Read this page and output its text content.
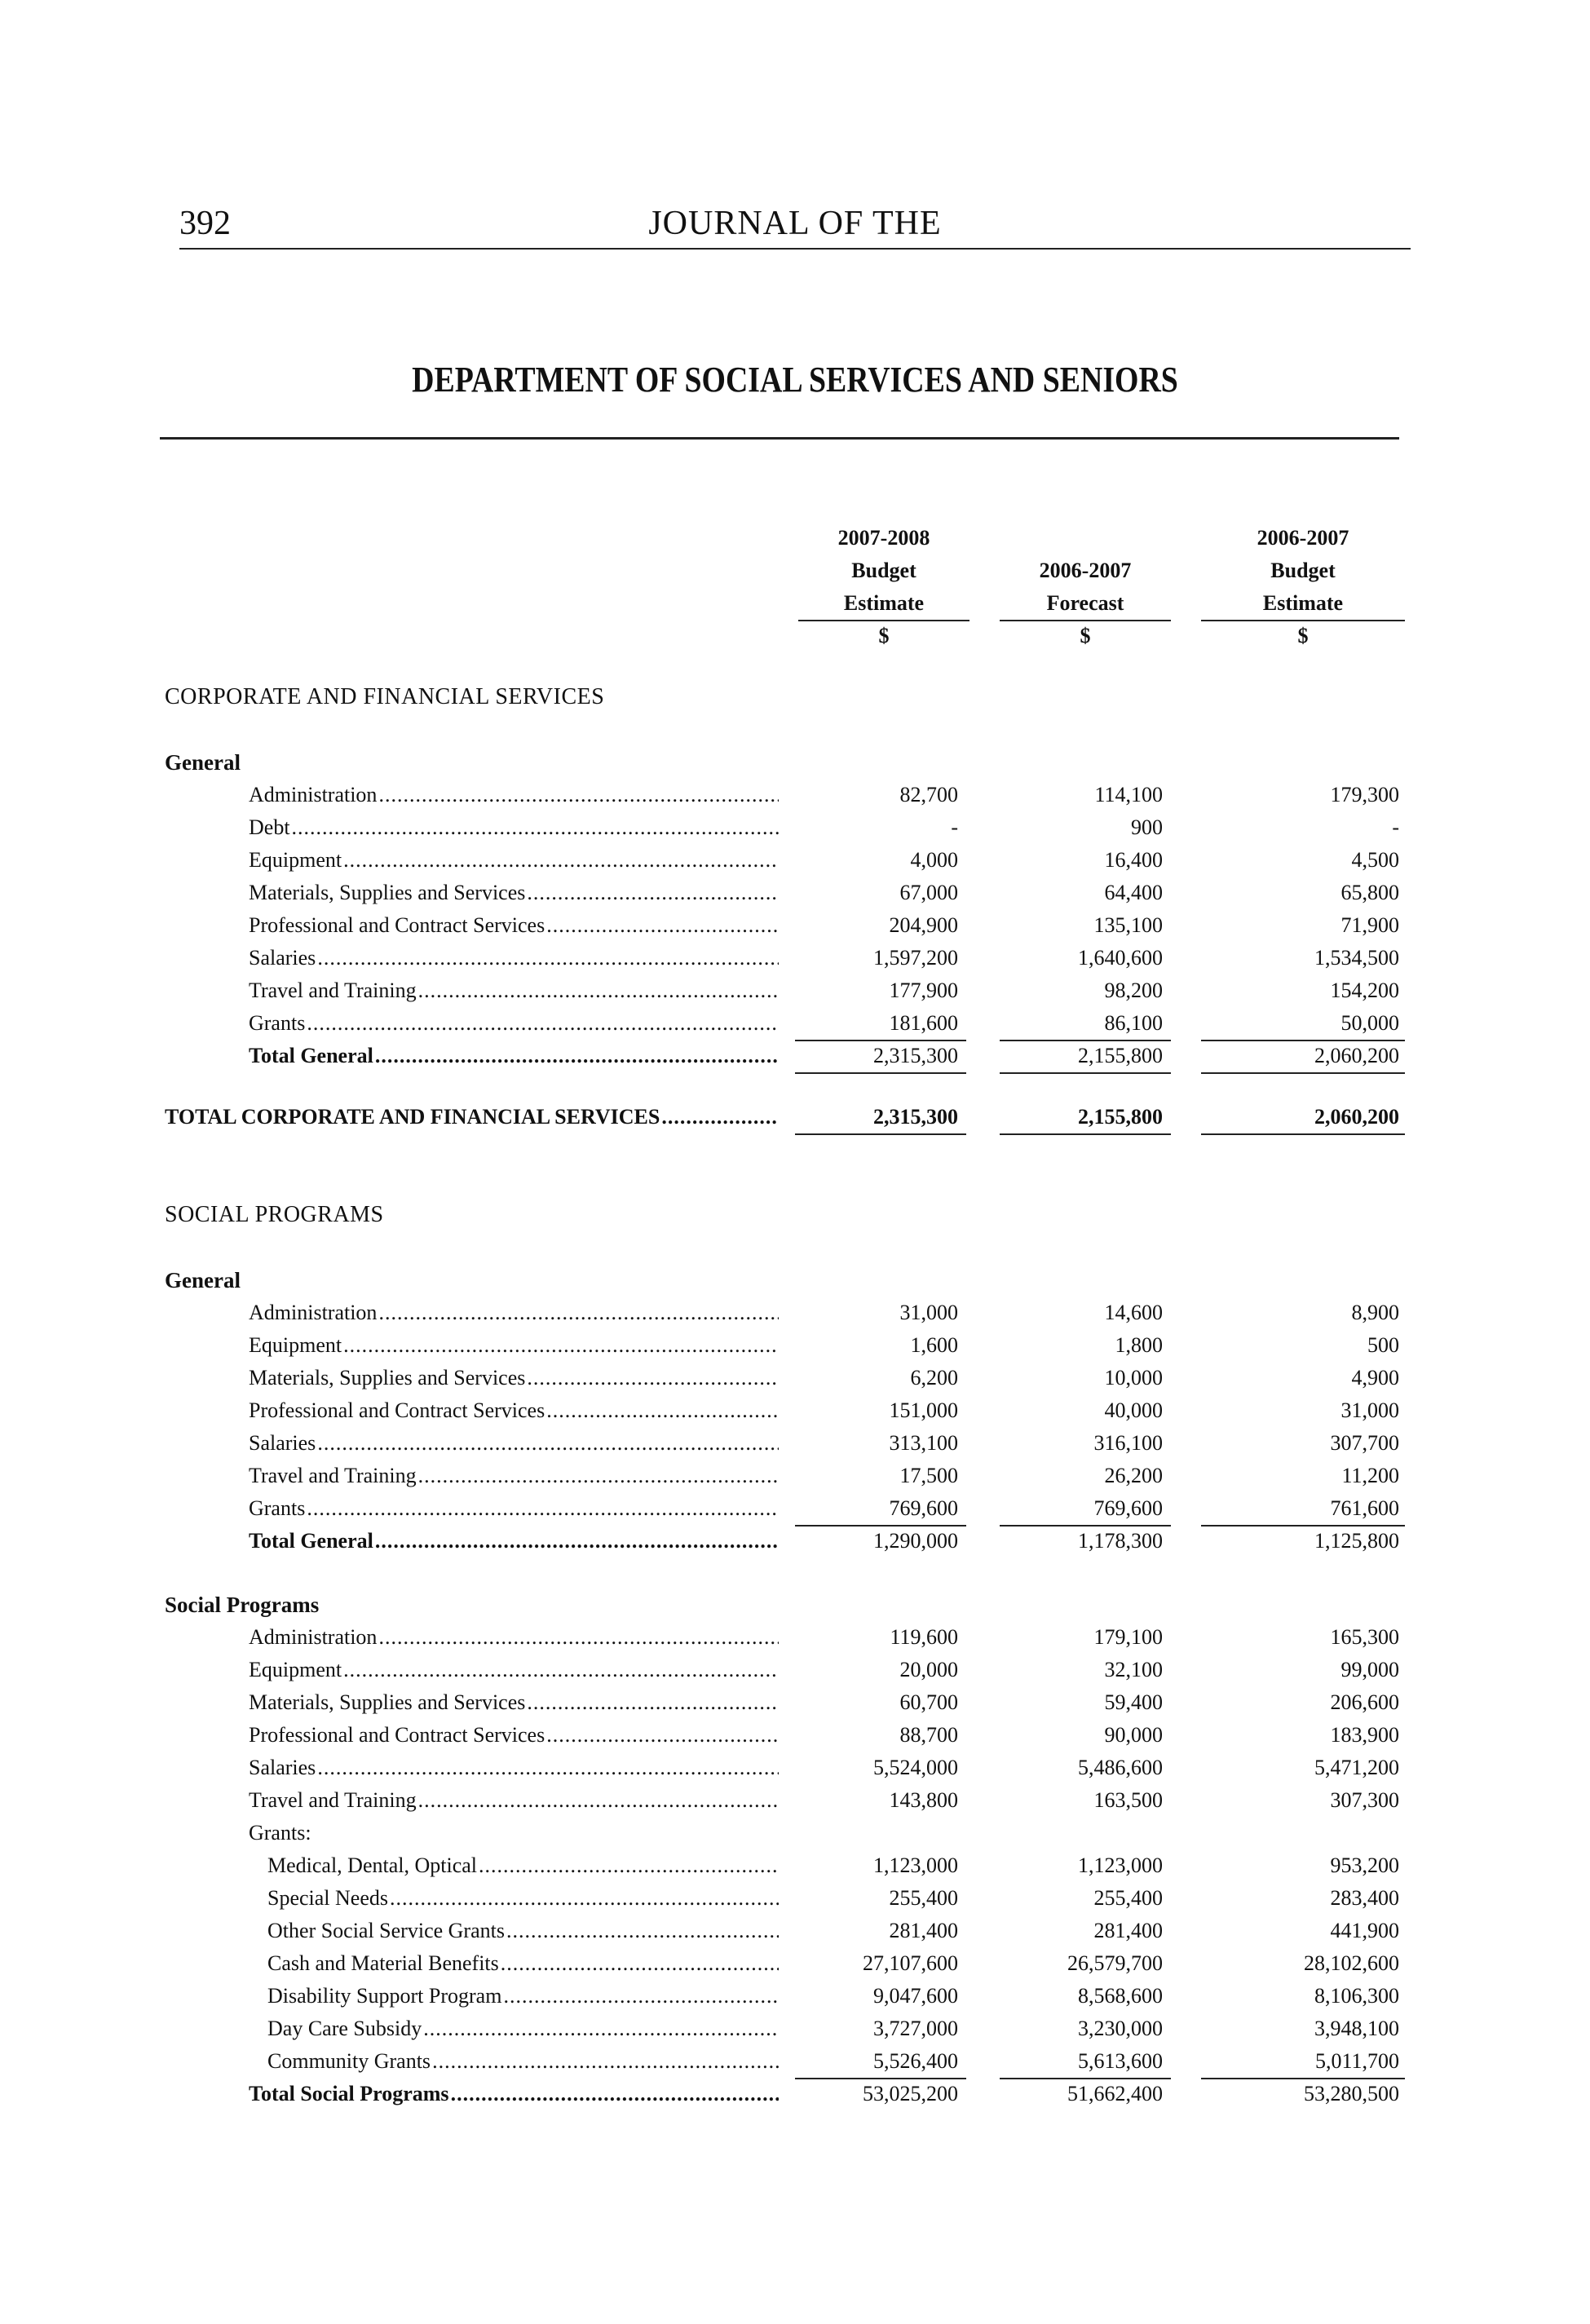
392	JOURNAL OF THE
DEPARTMENT OF SOCIAL SERVICES AND SENIORS
2007-2008
Budget
Estimate
$
2006-2007
Forecast
$
2006-2007
Budget
Estimate
$
CORPORATE AND FINANCIAL SERVICES
General
Administration .....	82,700	114,100	179,300
Debt .....	-	900	-
Equipment .....	4,000	16,400	4,500
Materials, Supplies and Services .....	67,000	64,400	65,800
Professional and Contract Services .....	204,900	135,100	71,900
Salaries .....	1,597,200	1,640,600	1,534,500
Travel and Training .....	177,900	98,200	154,200
Grants .....	181,600	86,100	50,000
Total General .....	2,315,300	2,155,800	2,060,200
TOTAL CORPORATE AND FINANCIAL SERVICES .....	2,315,300	2,155,800	2,060,200
SOCIAL PROGRAMS
General
Administration .....	31,000	14,600	8,900
Equipment .....	1,600	1,800	500
Materials, Supplies and Services .....	6,200	10,000	4,900
Professional and Contract Services .....	151,000	40,000	31,000
Salaries .....	313,100	316,100	307,700
Travel and Training .....	17,500	26,200	11,200
Grants .....	769,600	769,600	761,600
Total General .....	1,290,000	1,178,300	1,125,800
Social Programs
Administration .....	119,600	179,100	165,300
Equipment .....	20,000	32,100	99,000
Materials, Supplies and Services .....	60,700	59,400	206,600
Professional and Contract Services .....	88,700	90,000	183,900
Salaries .....	5,524,000	5,486,600	5,471,200
Travel and Training .....	143,800	163,500	307,300
Grants:
Medical, Dental, Optical .....	1,123,000	1,123,000	953,200
Special Needs .....	255,400	255,400	283,400
Other Social Service Grants .....	281,400	281,400	441,900
Cash and Material Benefits .....	27,107,600	26,579,700	28,102,600
Disability Support Program .....	9,047,600	8,568,600	8,106,300
Day Care Subsidy .....	3,727,000	3,230,000	3,948,100
Community Grants .....	5,526,400	5,613,600	5,011,700
Total Social Programs .....	53,025,200	51,662,400	53,280,500
